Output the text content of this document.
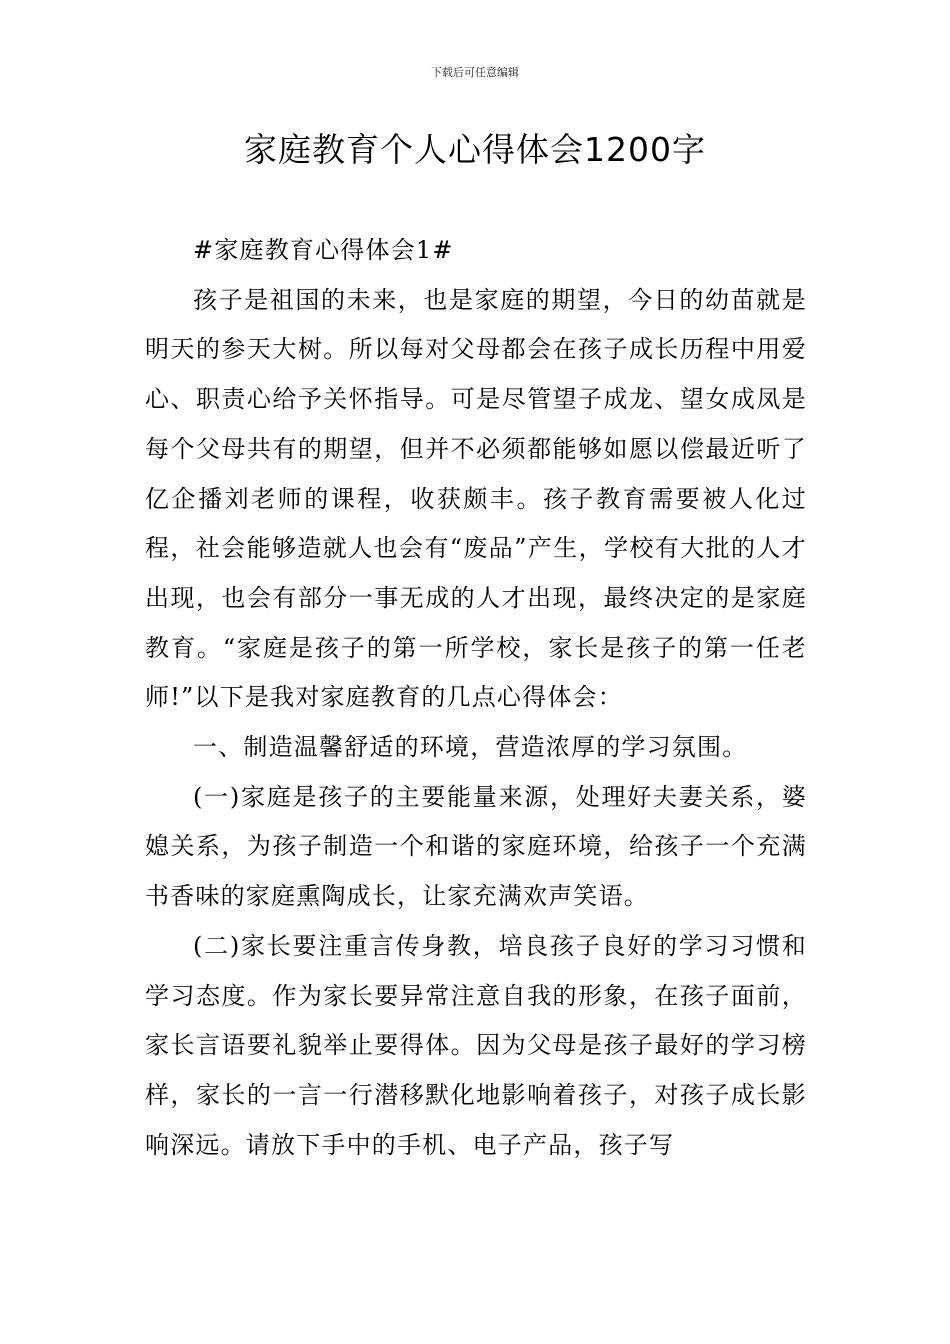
下载后可任意编辑
家庭教育个人心得体会1200字

#家庭教育心得体会1#

孩子是祖国的未来，也是家庭的期望，今日的幼苗就是明天的参天大树。所以每对父母都会在孩子成长历程中用爱心、职责心给予关怀指导。可是尽管望子成龙、望女成凤是每个父母共有的期望，但并不必须都能够如愿以偿最近听了亿企播刘老师的课程，收获颇丰。孩子教育需要被人化过程，社会能够造就人也会有“废品”产生，学校有大批的人才出现，也会有部分一事无成的人才出现，最终决定的是家庭教育。“家庭是孩子的第一所学校，家长是孩子的第一任老师!”以下是我对家庭教育的几点心得体会：

一、制造温馨舒适的环境，营造浓厚的学习氛围。

(一)家庭是孩子的主要能量来源，处理好夫妻关系，婆媳关系，为孩子制造一个和谐的家庭环境，给孩子一个充满书香味的家庭熏陶成长，让家充满欢声笑语。

(二)家长要注重言传身教，培良孩子良好的学习习惯和学习态度。作为家长要异常注意自我的形象，在孩子面前，家长言语要礼貌举止要得体。因为父母是孩子最好的学习榜样，家长的一言一行潜移默化地影响着孩子，对孩子成长影响深远。请放下手中的手机、电子产品，孩子写
